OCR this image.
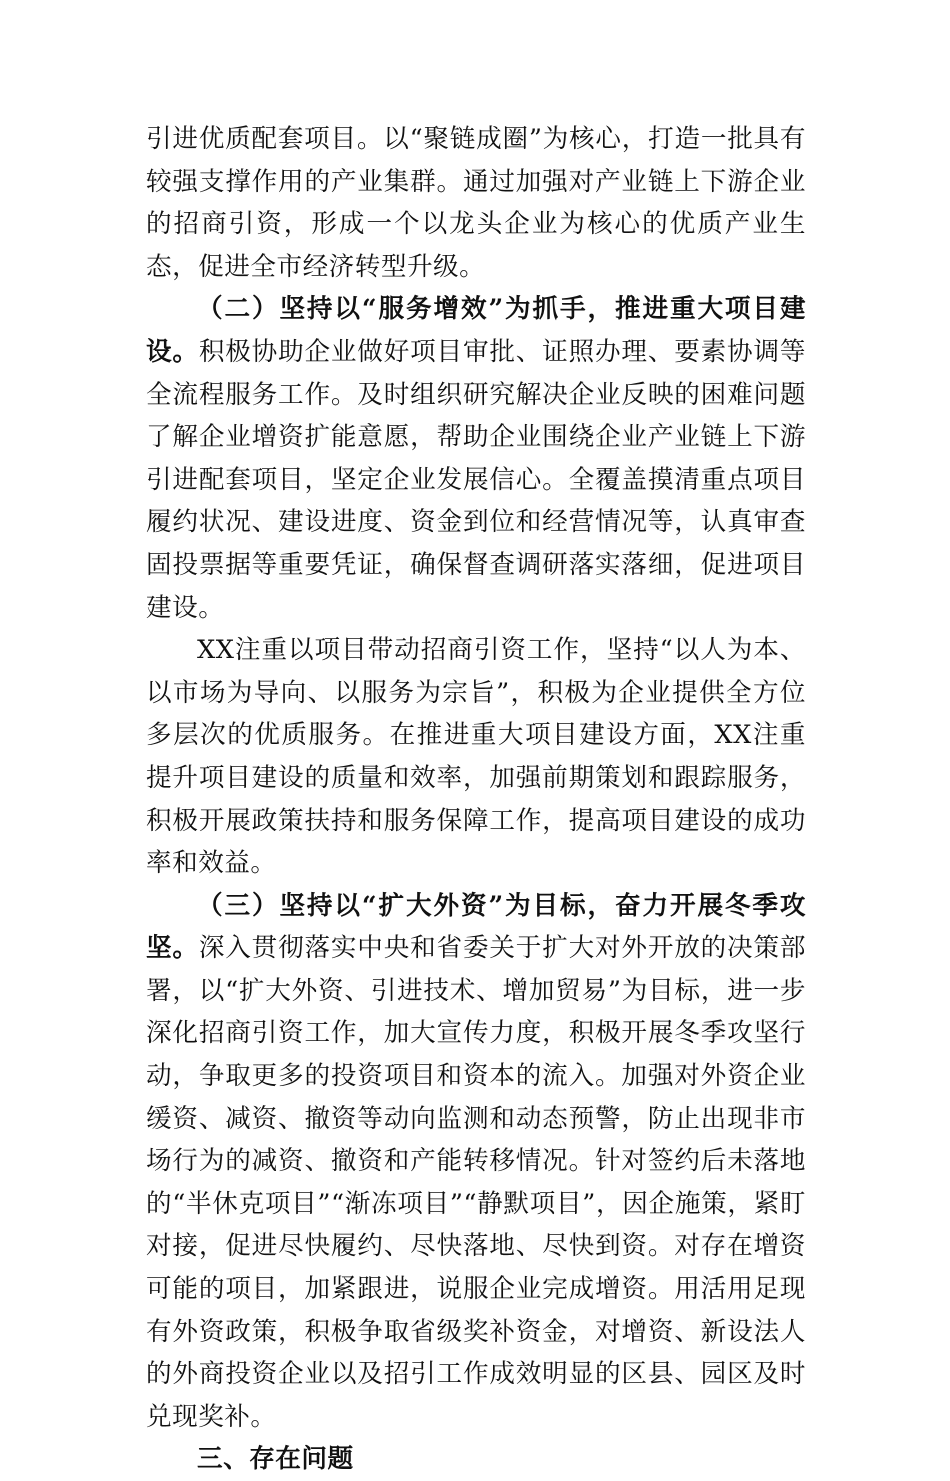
引进优质配套项目。以“聚链成圈”为核心，打造一批具有较强支撑作用的产业集群。通过加强对产业链上下游企业的招商引资，形成一个以龙头企业为核心的优质产业生态，促进全市经济转型升级。

（二）坚持以“服务增效”为抓手，推进重大项目建设。积极协助企业做好项目审批、证照办理、要素协调等全流程服务工作。及时组织研究解决企业反映的困难问题了解企业增资扩能意愿，帮助企业围绕企业产业链上下游引进配套项目，坚定企业发展信心。全覆盖摸清重点项目履约状况、建设进度、资金到位和经营情况等，认真审查固投票据等重要凭证，确保督查调研落实落细，促进项目建设。

XX注重以项目带动招商引资工作，坚持“以人为本、以市场为导向、以服务为宗旨”，积极为企业提供全方位多层次的优质服务。在推进重大项目建设方面，XX注重提升项目建设的质量和效率，加强前期策划和跟踪服务，积极开展政策扶持和服务保障工作，提高项目建设的成功率和效益。

（三）坚持以“扩大外资”为目标，奋力开展冬季攻坚。深入贯彻落实中央和省委关于扩大对外开放的决策部署，以“扩大外资、引进技术、增加贸易”为目标，进一步深化招商引资工作，加大宣传力度，积极开展冬季攻坚行动，争取更多的投资项目和资本的流入。加强对外资企业缓资、减资、撤资等动向监测和动态预警，防止出现非市场行为的减资、撤资和产能转移情况。针对签约后未落地的“半休克项目”“渐冻项目”“静默项目”，因企施策，紧盯对接，促进尽快履约、尽快落地、尽快到资。对存在增资可能的项目，加紧跟进，说服企业完成增资。用活用足现有外资政策，积极争取省级奖补资金，对增资、新设法人的外商投资企业以及招引工作成效明显的区县、园区及时兑现奖补。

三、存在问题
